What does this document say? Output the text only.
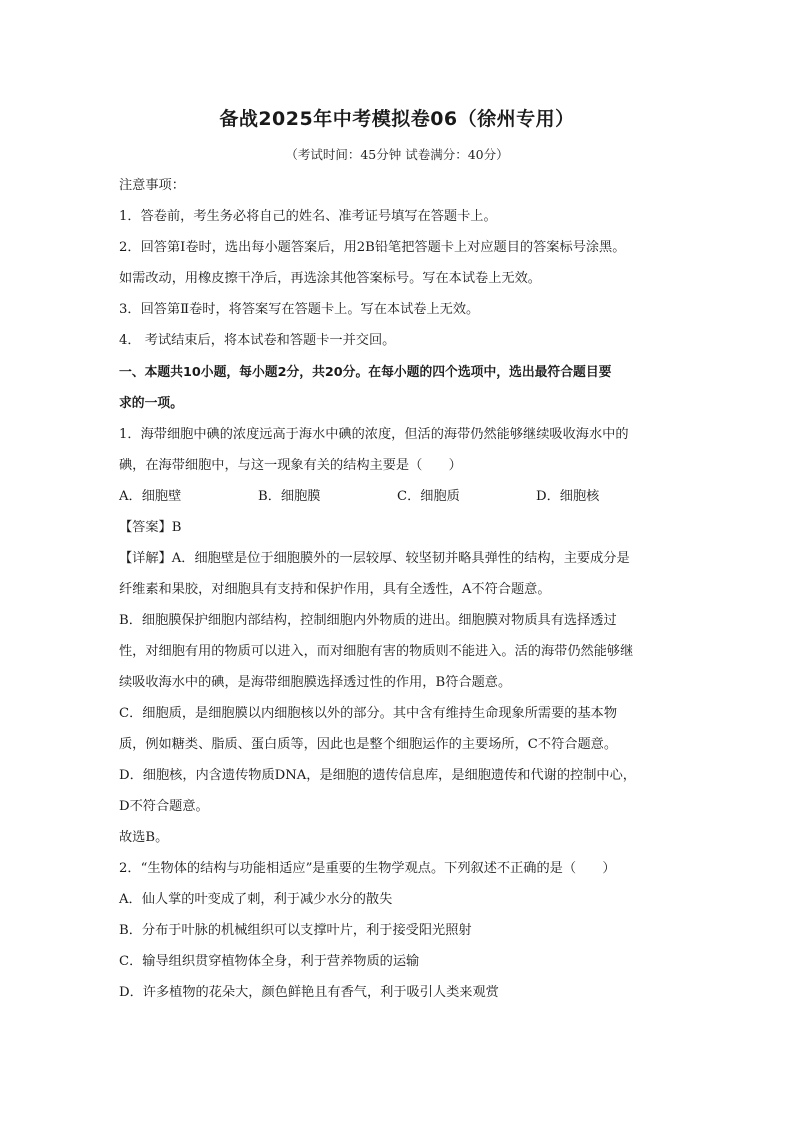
备战2025年中考模拟卷06（徐州专用）
（考试时间：45分钟 试卷满分：40分）
注意事项：
1．答卷前，考生务必将自己的姓名、准考证号填写在答题卡上。
2．回答第Ⅰ卷时，选出每小题答案后，用2B铅笔把答题卡上对应题目的答案标号涂黑。
如需改动，用橡皮擦干净后，再选涂其他答案标号。写在本试卷上无效。
3．回答第Ⅱ卷时，将答案写在答题卡上。写在本试卷上无效。
4． 考试结束后，将本试卷和答题卡一并交回。
一、本题共10小题，每小题2分，共20分。在每小题的四个选项中，选出最符合题目要
求的一项。
1．海带细胞中碘的浓度远高于海水中碘的浓度，但活的海带仍然能够继续吸收海水中的
碘，在海带细胞中，与这一现象有关的结构主要是（　　）
A．细胞壁	B．细胞膜	C．细胞质	D．细胞核
【答案】B
【详解】A．细胞壁是位于细胞膜外的一层较厚、较坚韧并略具弹性的结构，主要成分是
纤维素和果胶，对细胞具有支持和保护作用，具有全透性，A不符合题意。
B．细胞膜保护细胞内部结构，控制细胞内外物质的进出。细胞膜对物质具有选择透过
性，对细胞有用的物质可以进入，而对细胞有害的物质则不能进入。活的海带仍然能够继
续吸收海水中的碘，是海带细胞膜选择透过性的作用，B符合题意。
C．细胞质，是细胞膜以内细胞核以外的部分。其中含有维持生命现象所需要的基本物
质，例如糖类、脂质、蛋白质等，因此也是整个细胞运作的主要场所，C不符合题意。
D．细胞核，内含遗传物质DNA，是细胞的遗传信息库，是细胞遗传和代谢的控制中心，
D不符合题意。
故选B。
2．“生物体的结构与功能相适应”是重要的生物学观点。下列叙述不正确的是（　　）
A．仙人掌的叶变成了刺，利于减少水分的散失
B．分布于叶脉的机械组织可以支撑叶片，利于接受阳光照射
C．输导组织贯穿植物体全身，利于营养物质的运输
D．许多植物的花朵大，颜色鲜艳且有香气，利于吸引人类来观赏
